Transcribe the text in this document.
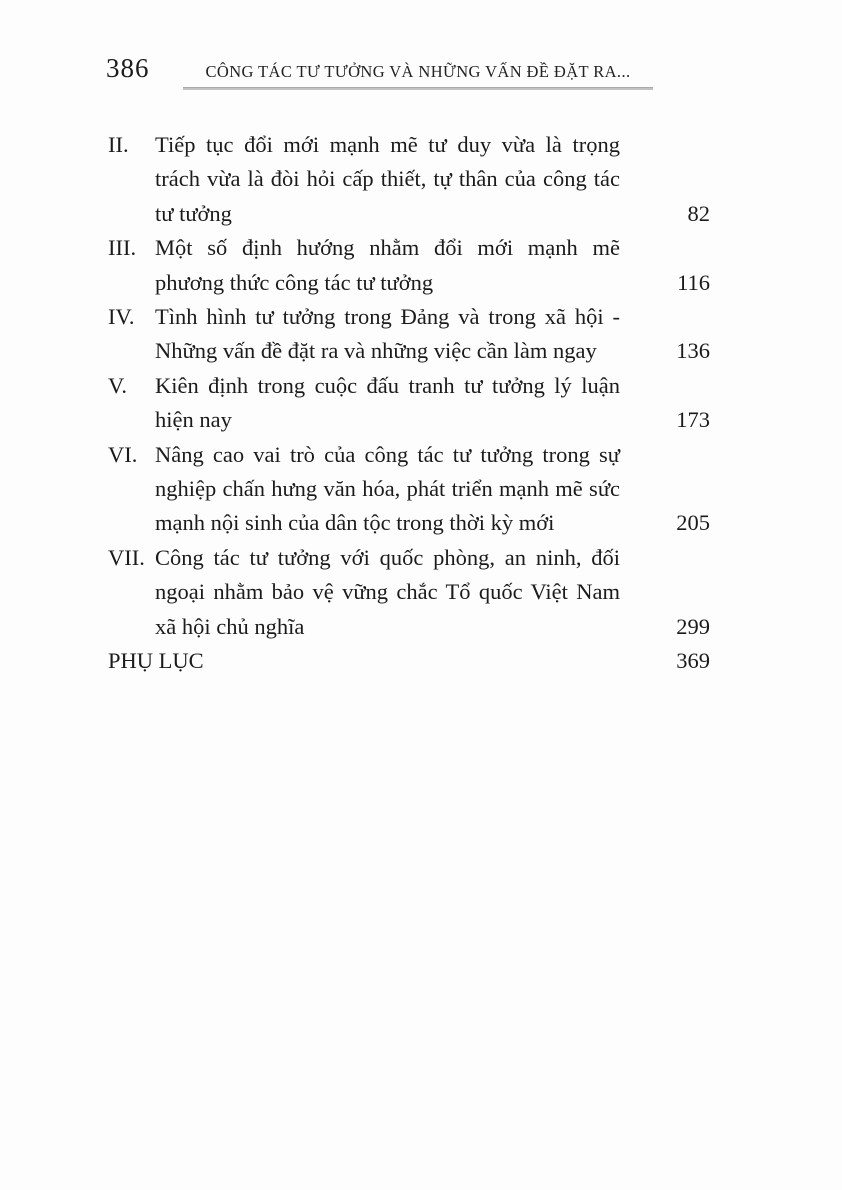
386	CÔNG TÁC TƯ TƯỞNG VÀ NHỮNG VẤN ĐỀ ĐẶT RA...
II.	Tiếp tục đổi mới mạnh mẽ tư duy vừa là trọng trách vừa là đòi hỏi cấp thiết, tự thân của công tác tư tưởng	82
III. Một số định hướng nhằm đổi mới mạnh mẽ phương thức công tác tư tưởng	116
IV. Tình hình tư tưởng trong Đảng và trong xã hội - Những vấn đề đặt ra và những việc cần làm ngay	136
V.	Kiên định trong cuộc đấu tranh tư tưởng lý luận hiện nay	173
VI. Nâng cao vai trò của công tác tư tưởng trong sự nghiệp chấn hưng văn hóa, phát triển mạnh mẽ sức mạnh nội sinh của dân tộc trong thời kỳ mới	205
VII. Công tác tư tưởng với quốc phòng, an ninh, đối ngoại nhằm bảo vệ vững chắc Tổ quốc Việt Nam xã hội chủ nghĩa	299
PHỤ LỤC	369
